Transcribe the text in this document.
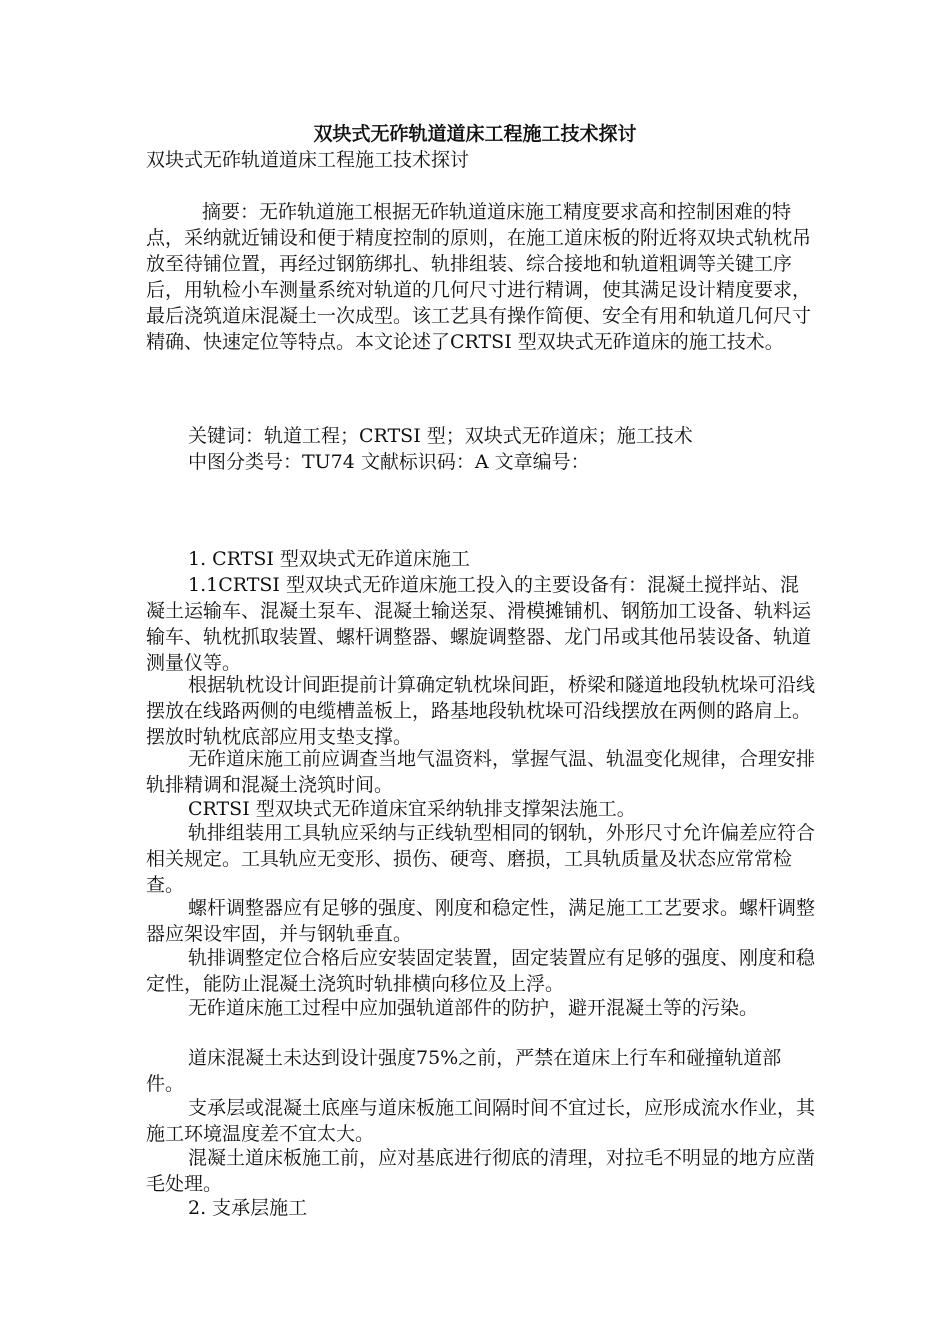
双块式无砟轨道道床工程施工技术探讨

双块式无砟轨道道床工程施工技术探讨

摘要：无砟轨道施工根据无砟轨道道床施工精度要求高和控制困难的特点，采纳就近铺设和便于精度控制的原则，在施工道床板的附近将双块式轨枕吊放至待铺位置，再经过钢筋绑扎、轨排组装、综合接地和轨道粗调等关键工序后，用轨检小车测量系统对轨道的几何尺寸进行精调，使其满足设计精度要求，最后浇筑道床混凝土一次成型。该工艺具有操作简便、安全有用和轨道几何尺寸精确、快速定位等特点。本文论述了CRTSⅠ 型双块式无砟道床的施工技术。

关键词：轨道工程；CRTSⅠ 型；双块式无砟道床；施工技术

中图分类号：TU74 文献标识码：A 文章编号：

1. CRTSⅠ 型双块式无砟道床施工

1.1CRTSⅠ 型双块式无砟道床施工投入的主要设备有：混凝土搅拌站、混凝土运输车、混凝土泵车、混凝土输送泵、滑模摊铺机、钢筋加工设备、轨料运输车、轨枕抓取装置、螺杆调整器、螺旋调整器、龙门吊或其他吊装设备、轨道测量仪等。

根据轨枕设计间距提前计算确定轨枕垛间距，桥梁和隧道地段轨枕垛可沿线摆放在线路两侧的电缆槽盖板上，路基地段轨枕垛可沿线摆放在两侧的路肩上。摆放时轨枕底部应用支垫支撑。

无砟道床施工前应调查当地气温资料，掌握气温、轨温变化规律，合理安排轨排精调和混凝土浇筑时间。

CRTSⅠ 型双块式无砟道床宜采纳轨排支撑架法施工。

轨排组装用工具轨应采纳与正线轨型相同的钢轨，外形尺寸允许偏差应符合相关规定。工具轨应无变形、损伤、硬弯、磨损，工具轨质量及状态应常常检查。

螺杆调整器应有足够的强度、刚度和稳定性，满足施工工艺要求。螺杆调整器应架设牢固，并与钢轨垂直。

轨排调整定位合格后应安装固定装置，固定装置应有足够的强度、刚度和稳定性，能防止混凝土浇筑时轨排横向移位及上浮。

无砟道床施工过程中应加强轨道部件的防护，避开混凝土等的污染。

道床混凝土未达到设计强度75%之前，严禁在道床上行车和碰撞轨道部件。

支承层或混凝土底座与道床板施工间隔时间不宜过长，应形成流水作业，其施工环境温度差不宜太大。

混凝土道床板施工前，应对基底进行彻底的清理，对拉毛不明显的地方应凿毛处理。

2. 支承层施工
